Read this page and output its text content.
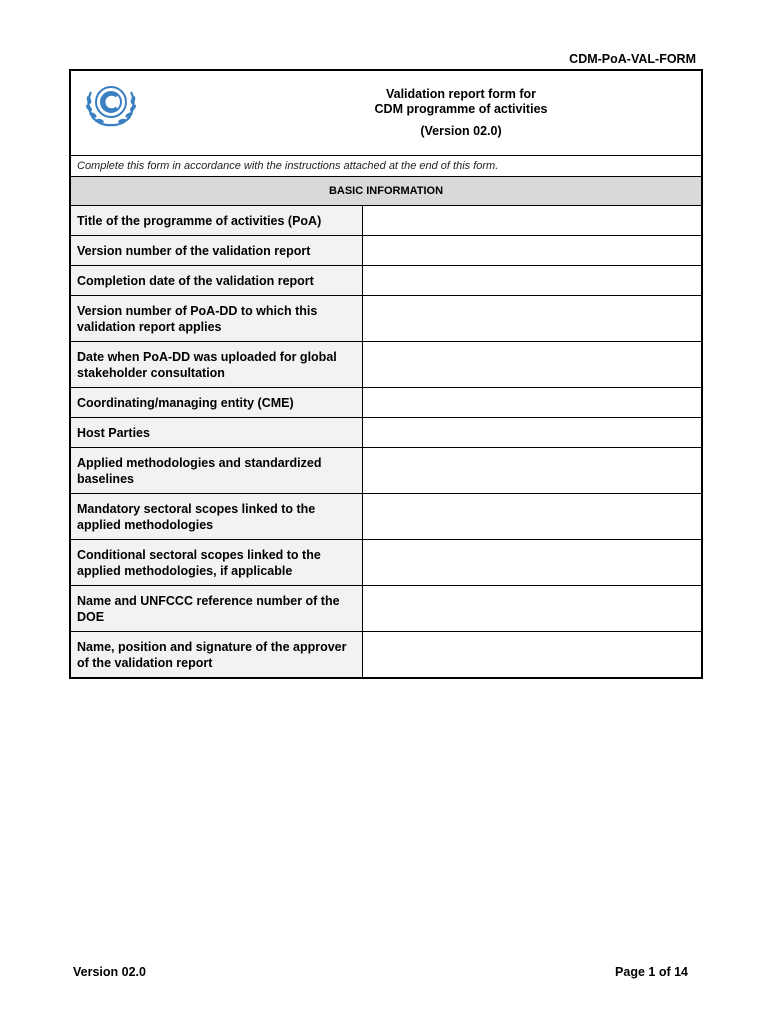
CDM-PoA-VAL-FORM
Validation report form for
CDM programme of activities
(Version 02.0)	

Complete this form in accordance with the instructions attached at the end of this form.	
BASIC INFORMATION	
Title of the programme of activities (PoA)	
Version number of the validation report	
Completion date of the validation report	
Version number of PoA-DD to which this validation report applies	
Date when PoA-DD was uploaded for global stakeholder consultation	
Coordinating/managing entity (CME)	
Host Parties	
Applied methodologies and standardized baselines	
Mandatory sectoral scopes linked to the applied methodologies	
Conditional sectoral scopes linked to the applied methodologies, if applicable	
Name and UNFCCC reference number of the DOE	
Name, position and signature of the approver of the validation report	
Version 02.0	Page 1 of 14
